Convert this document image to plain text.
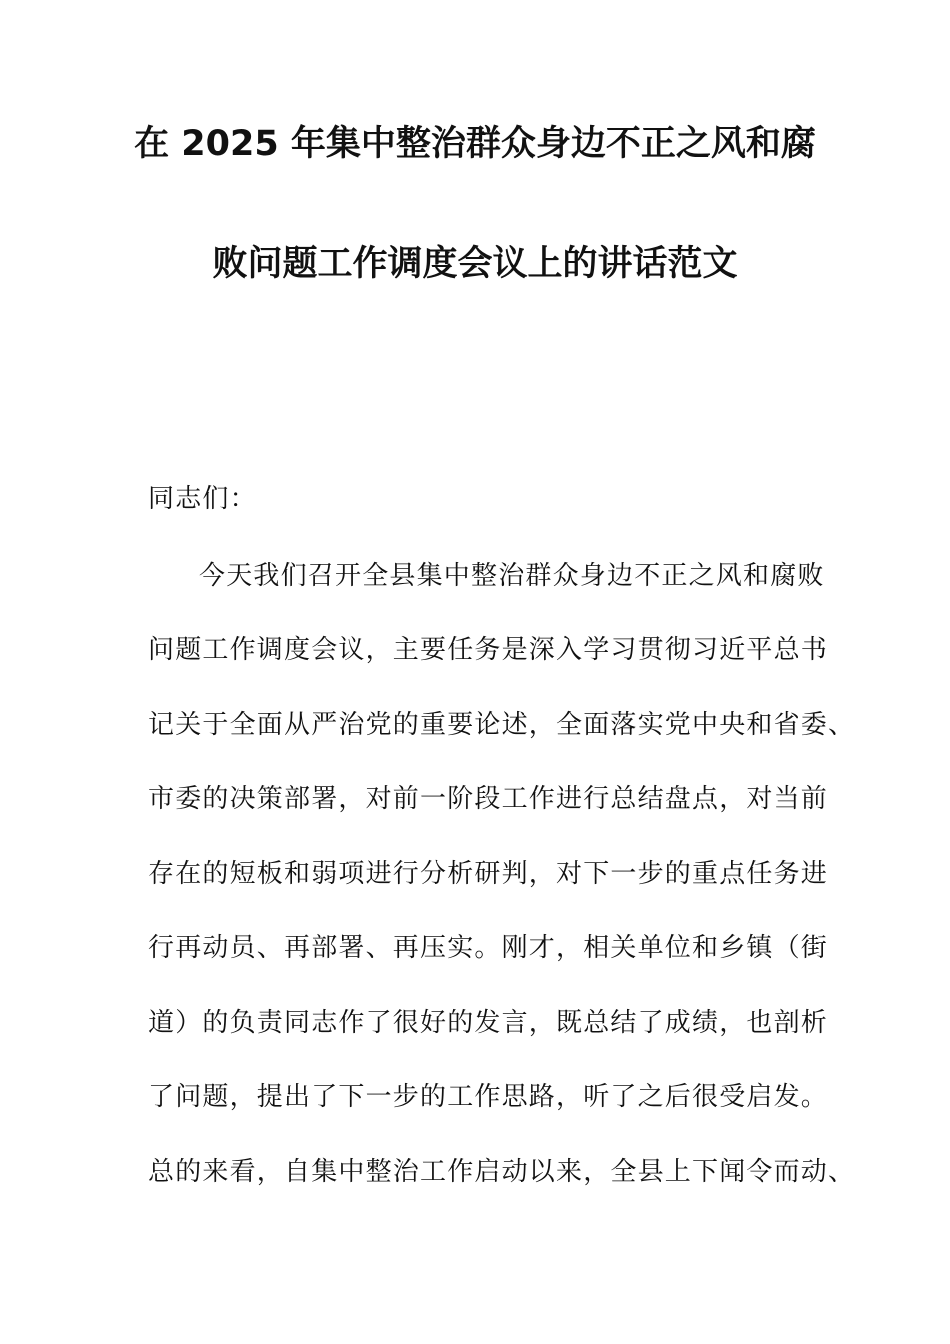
在 2025 年集中整治群众身边不正之风和腐
败问题工作调度会议上的讲话范文
同志们：
今天我们召开全县集中整治群众身边不正之风和腐败
问题工作调度会议，主要任务是深入学习贯彻习近平总书
记关于全面从严治党的重要论述，全面落实党中央和省委、
市委的决策部署，对前一阶段工作进行总结盘点，对当前
存在的短板和弱项进行分析研判，对下一步的重点任务进
行再动员、再部署、再压实。刚才，相关单位和乡镇（街
道）的负责同志作了很好的发言，既总结了成绩，也剖析
了问题，提出了下一步的工作思路，听了之后很受启发。
总的来看，自集中整治工作启动以来，全县上下闻令而动、
